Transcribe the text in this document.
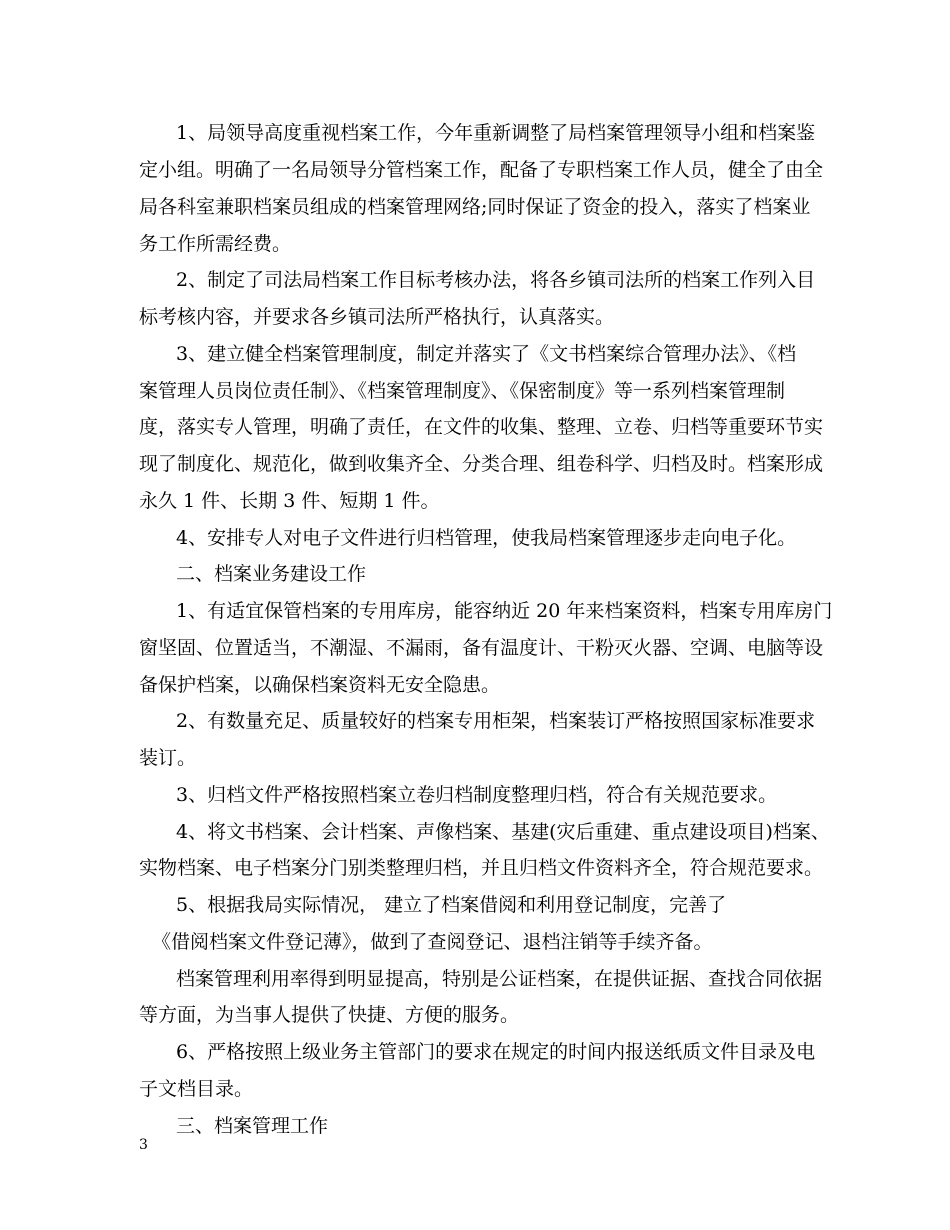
1、局领导高度重视档案工作，今年重新调整了局档案管理领导小组和档案鉴
定小组。明确了一名局领导分管档案工作，配备了专职档案工作人员，健全了由全
局各科室兼职档案员组成的档案管理网络;同时保证了资金的投入，落实了档案业
务工作所需经费。
2、制定了司法局档案工作目标考核办法，将各乡镇司法所的档案工作列入目
标考核内容，并要求各乡镇司法所严格执行，认真落实。
3、建立健全档案管理制度，制定并落实了《文书档案综合管理办法》、《档
案管理人员岗位责任制》、《档案管理制度》、《保密制度》等一系列档案管理制
度，落实专人管理，明确了责任，在文件的收集、整理、立卷、归档等重要环节实
现了制度化、规范化，做到收集齐全、分类合理、组卷科学、归档及时。档案形成
永久 1 件、长期 3 件、短期 1 件。
4、安排专人对电子文件进行归档管理，使我局档案管理逐步走向电子化。
二、档案业务建设工作
1、有适宜保管档案的专用库房，能容纳近 20 年来档案资料，档案专用库房门
窗坚固、位置适当，不潮湿、不漏雨，备有温度计、干粉灭火器、空调、电脑等设
备保护档案，以确保档案资料无安全隐患。
2、有数量充足、质量较好的档案专用柜架，档案装订严格按照国家标准要求
装订。
3、归档文件严格按照档案立卷归档制度整理归档，符合有关规范要求。
4、将文书档案、会计档案、声像档案、基建(灾后重建、重点建设项目)档案、
实物档案、电子档案分门别类整理归档，并且归档文件资料齐全，符合规范要求。
5、根据我局实际情况， 建立了档案借阅和利用登记制度，完善了
《借阅档案文件登记薄》，做到了查阅登记、退档注销等手续齐备。
档案管理利用率得到明显提高，特别是公证档案，在提供证据、查找合同依据
等方面，为当事人提供了快捷、方便的服务。
6、严格按照上级业务主管部门的要求在规定的时间内报送纸质文件目录及电
子文档目录。
三、档案管理工作
3
